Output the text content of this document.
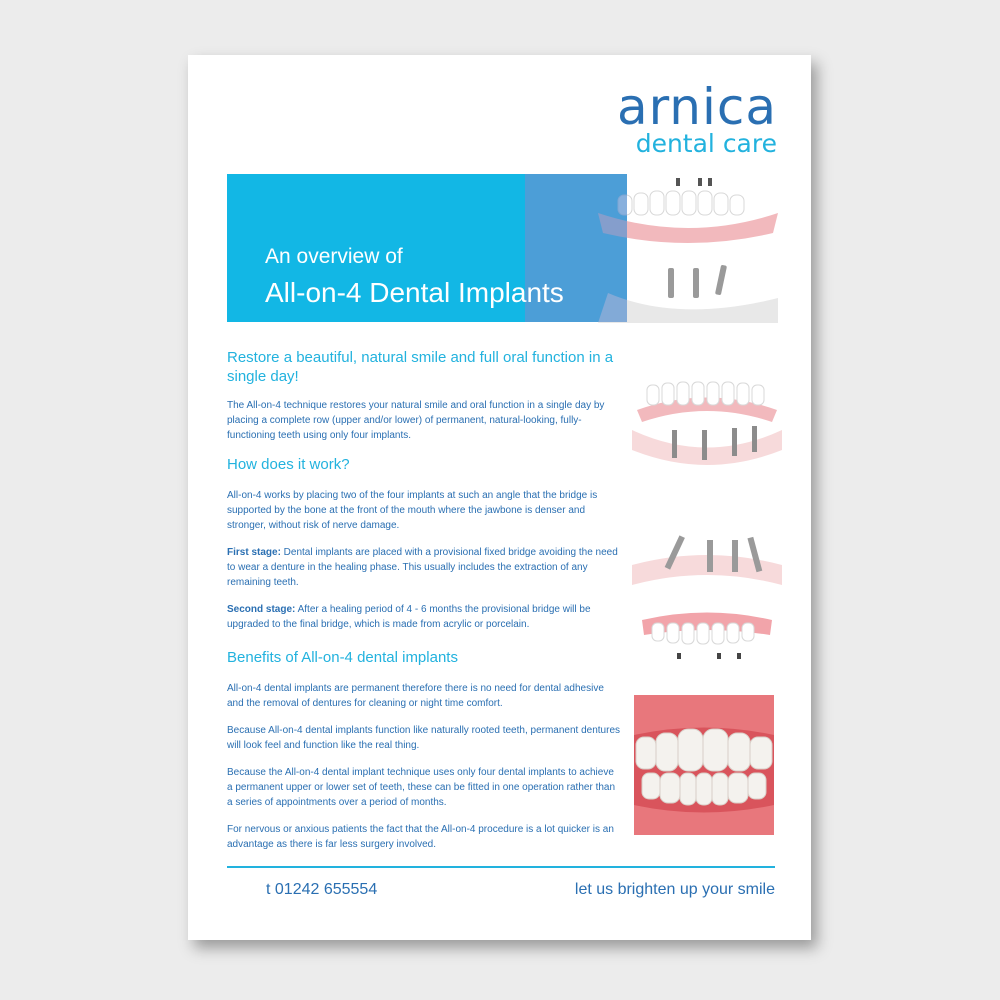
arnica
dental care
An overview of
All-on-4 Dental Implants

Restore a beautiful, natural smile and full oral function in a single day!

The All-on-4 technique restores your natural smile and oral function in a single day by placing a complete row (upper and/or lower) of permanent, natural-looking, fully-functioning teeth using only four implants.

How does it work?

All-on-4 works by placing two of the four implants at such an angle that the bridge is supported by the bone at the front of the mouth where the jawbone is denser and stronger, without risk of nerve damage.

First stage: Dental implants are placed with a provisional fixed bridge avoiding the need to wear a denture in the healing phase. This usually includes the extraction of any remaining teeth.

Second stage: After a healing period of 4 - 6 months the provisional bridge will be upgraded to the final bridge, which is made from acrylic or porcelain.

Benefits of All-on-4 dental implants

All-on-4 dental implants are permanent therefore there is no need for dental adhesive and the removal of dentures for cleaning or night time comfort.

Because All-on-4 dental implants function like naturally rooted teeth, permanent dentures will look feel and function like the real thing.

Because the All-on-4 dental implant technique uses only four dental implants to achieve a permanent upper or lower set of teeth, these can be fitted in one operation rather than a series of appointments over a period of months.

For nervous or anxious patients the fact that the All-on-4 procedure is a lot quicker is an advantage as there is far less surgery involved.

t 01242 655554	let us brighten up your smile
